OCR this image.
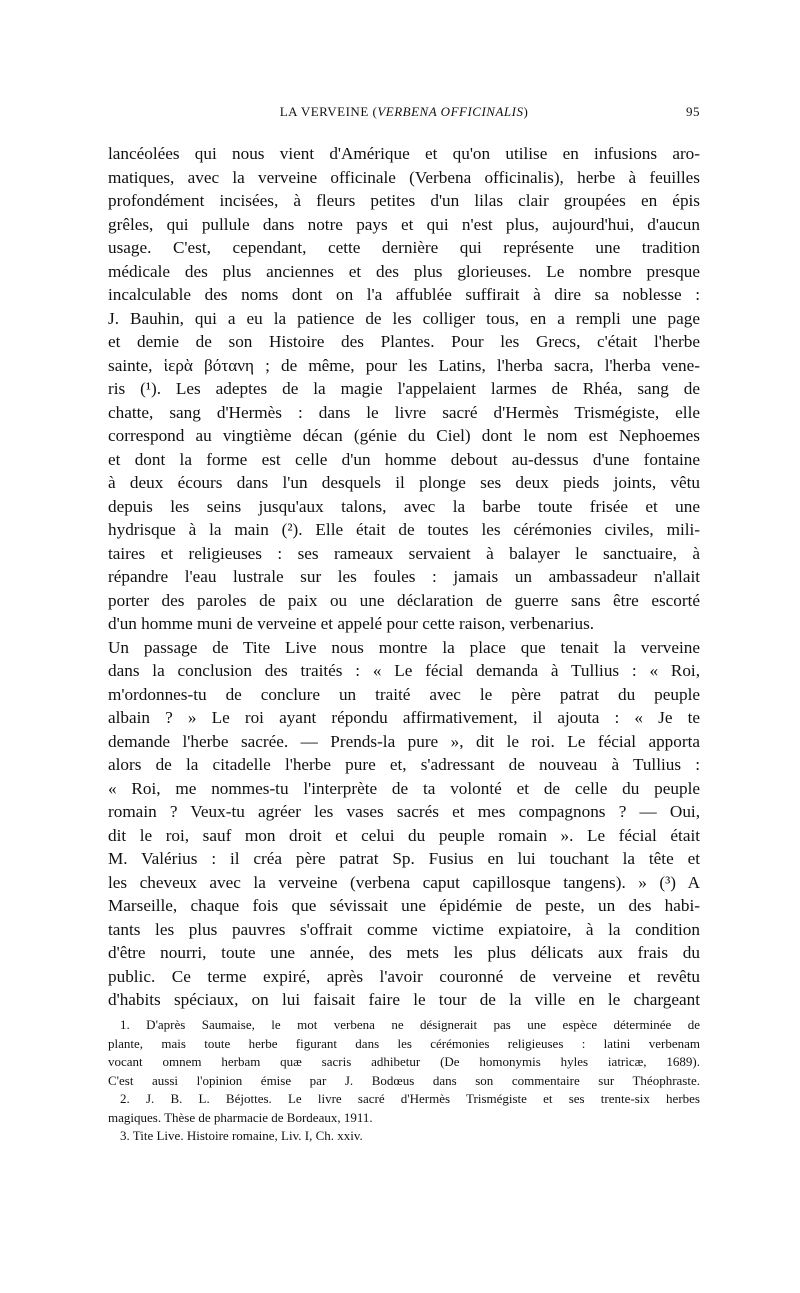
LA VERVEINE (VERBENA OFFICINALIS)	95
lancéolées qui nous vient d'Amérique et qu'on utilise en infusions aro-
matiques, avec la verveine officinale (Verbena officinalis), herbe à feuilles
profondément incisées, à fleurs petites d'un lilas clair groupées en épis
grêles, qui pullule dans notre pays et qui n'est plus, aujourd'hui, d'aucun
usage. C'est, cependant, cette dernière qui représente une tradition
médicale des plus anciennes et des plus glorieuses. Le nombre presque
incalculable des noms dont on l'a affublée suffirait à dire sa noblesse :
J. Bauhin, qui a eu la patience de les colliger tous, en a rempli une page
et demie de son Histoire des Plantes. Pour les Grecs, c'était l'herbe
sainte, ἱερὰ βότανη ; de même, pour les Latins, l'herba sacra, l'herba vene-
ris (¹). Les adeptes de la magie l'appelaient larmes de Rhéa, sang de
chatte, sang d'Hermès : dans le livre sacré d'Hermès Trismégiste, elle
correspond au vingtième décan (génie du Ciel) dont le nom est Nephoemes
et dont la forme est celle d'un homme debout au-dessus d'une fontaine
à deux écours dans l'un desquels il plonge ses deux pieds joints, vêtu
depuis les seins jusqu'aux talons, avec la barbe toute frisée et une
hydrisque à la main (²). Elle était de toutes les cérémonies civiles, mili-
taires et religieuses : ses rameaux servaient à balayer le sanctuaire, à
répandre l'eau lustrale sur les foules : jamais un ambassadeur n'allait
porter des paroles de paix ou une déclaration de guerre sans être escorté
d'un homme muni de verveine et appelé pour cette raison, verbenarius.
Un passage de Tite Live nous montre la place que tenait la verveine
dans la conclusion des traités : « Le fécial demanda à Tullius : « Roi,
m'ordonnes-tu de conclure un traité avec le père patrat du peuple
albain ? » Le roi ayant répondu affirmativement, il ajouta : « Je te
demande l'herbe sacrée. — Prends-la pure », dit le roi. Le fécial apporta
alors de la citadelle l'herbe pure et, s'adressant de nouveau à Tullius :
« Roi, me nommes-tu l'interprète de ta volonté et de celle du peuple
romain ? Veux-tu agréer les vases sacrés et mes compagnons ? — Oui,
dit le roi, sauf mon droit et celui du peuple romain ». Le fécial était
M. Valérius : il créa père patrat Sp. Fusius en lui touchant la tête et
les cheveux avec la verveine (verbena caput capillosque tangens). » (³) A
Marseille, chaque fois que sévissait une épidémie de peste, un des habi-
tants les plus pauvres s'offrait comme victime expiatoire, à la condition
d'être nourri, toute une année, des mets les plus délicats aux frais du
public. Ce terme expiré, après l'avoir couronné de verveine et revêtu
d'habits spéciaux, on lui faisait faire le tour de la ville en le chargeant
1. D'après Saumaise, le mot verbena ne désignerait pas une espèce déterminée de
plante, mais toute herbe figurant dans les cérémonies religieuses : latini verbenam
vocant omnem herbam quæ sacris adhibetur (De homonymis hyles iatricæ, 1689).
C'est aussi l'opinion émise par J. Bodœus dans son commentaire sur Théophraste.
2. J. B. L. Béjottes. Le livre sacré d'Hermès Trismégiste et ses trente-six herbes
magiques. Thèse de pharmacie de Bordeaux, 1911.
3. Tite Live. Histoire romaine, Liv. I, Ch. xxiv.
